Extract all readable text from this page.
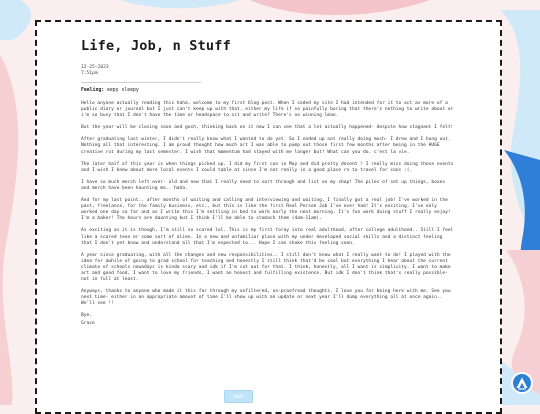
Life, Job, n Stuff

12-25-2023

7:51pm

Feeling: eepy sleepy

Hello anyone actually reading this haha, welcome to my first blog post. When I coded my site I had intended for it to act as more of a public diary or journal but I just can't keep up with that. either my life if so painfully boring that there's nothing to write about or i'm so busy that I don't have the time or headspace to sit and write? There's no winning lmao.

But the year will be closing soon and gosh, thinking back on it now I can see that a lot actually happened- despite how stagnant I felt!

After graduating last winter, I didn't really know what I wanted to do yet. So I ended up not really doing much- I drew and I hung out. Nothing all that interesting. I am proud thought how much art I was able to pump out those first few months after being in the HUGE creative rut during my last semester. I wish that momentum had stayed with me longer but! What can you do, c'est la vie.

The later half of this year is when things picked up. I did my first con in May and did pretty decent ! I really miss doing those events and I wish I knew about more local events I could table at since I'm not really in a good place rn to travel for cons :(.

I have so much merch left over- old and new that I really need to sort through and list on my shop! The piles of set up things, boxes and merch have been haunting me.. haha.

And for my last point.. after months of waiting and calling and interviewing and waiting, I finally got a real job! I've worked in the past, freelance, for the family business, etc., but this is like the first Real Person Job I've ever had! It's exciting, I've only worked one day so far and as I write this I'm settling in bed to work early the next morning. It's fun work doing stuff I really enjoy! I'm a baker! The hours are daunting but I think I'll be able to stomach them (4am-11am).

As exciting as it is though, I'm still so scared lol. This is my first foray into real adulthood, after college adulthood.. Still I feel like a scared teen or some sort of alien. In a new and unfamiliar place with my under developed social skills and a distinct feeling that I don't yet know and understand all that I'm expected to... Hope I can shake this feeling soon.

A year since graduating, with all the changes and new responsibilities.. I still don't know what I really want to do! I played with the idea for awhile of going to grad school for teaching and honestly I still think that'd be cool but everything I hear about the current climate of schools nowadays is kinda scary and idk if I'm cut out for that. I think, honestly, all I want is simplicity. I want to make art and good food, I want to love my friends, I want an honest and fulfilling existence. But idk I don't think that's really possible- not in full at least.

Anyways, thanks to anyone who made it this far through my unfiltered, un-proofread thoughts. I love you for being here with me. See you next time- either in an appropriate amount of time I'll show up with an update or next year I'll dump everything all at once again.. We'll see !!

Bye.

Grace

back
